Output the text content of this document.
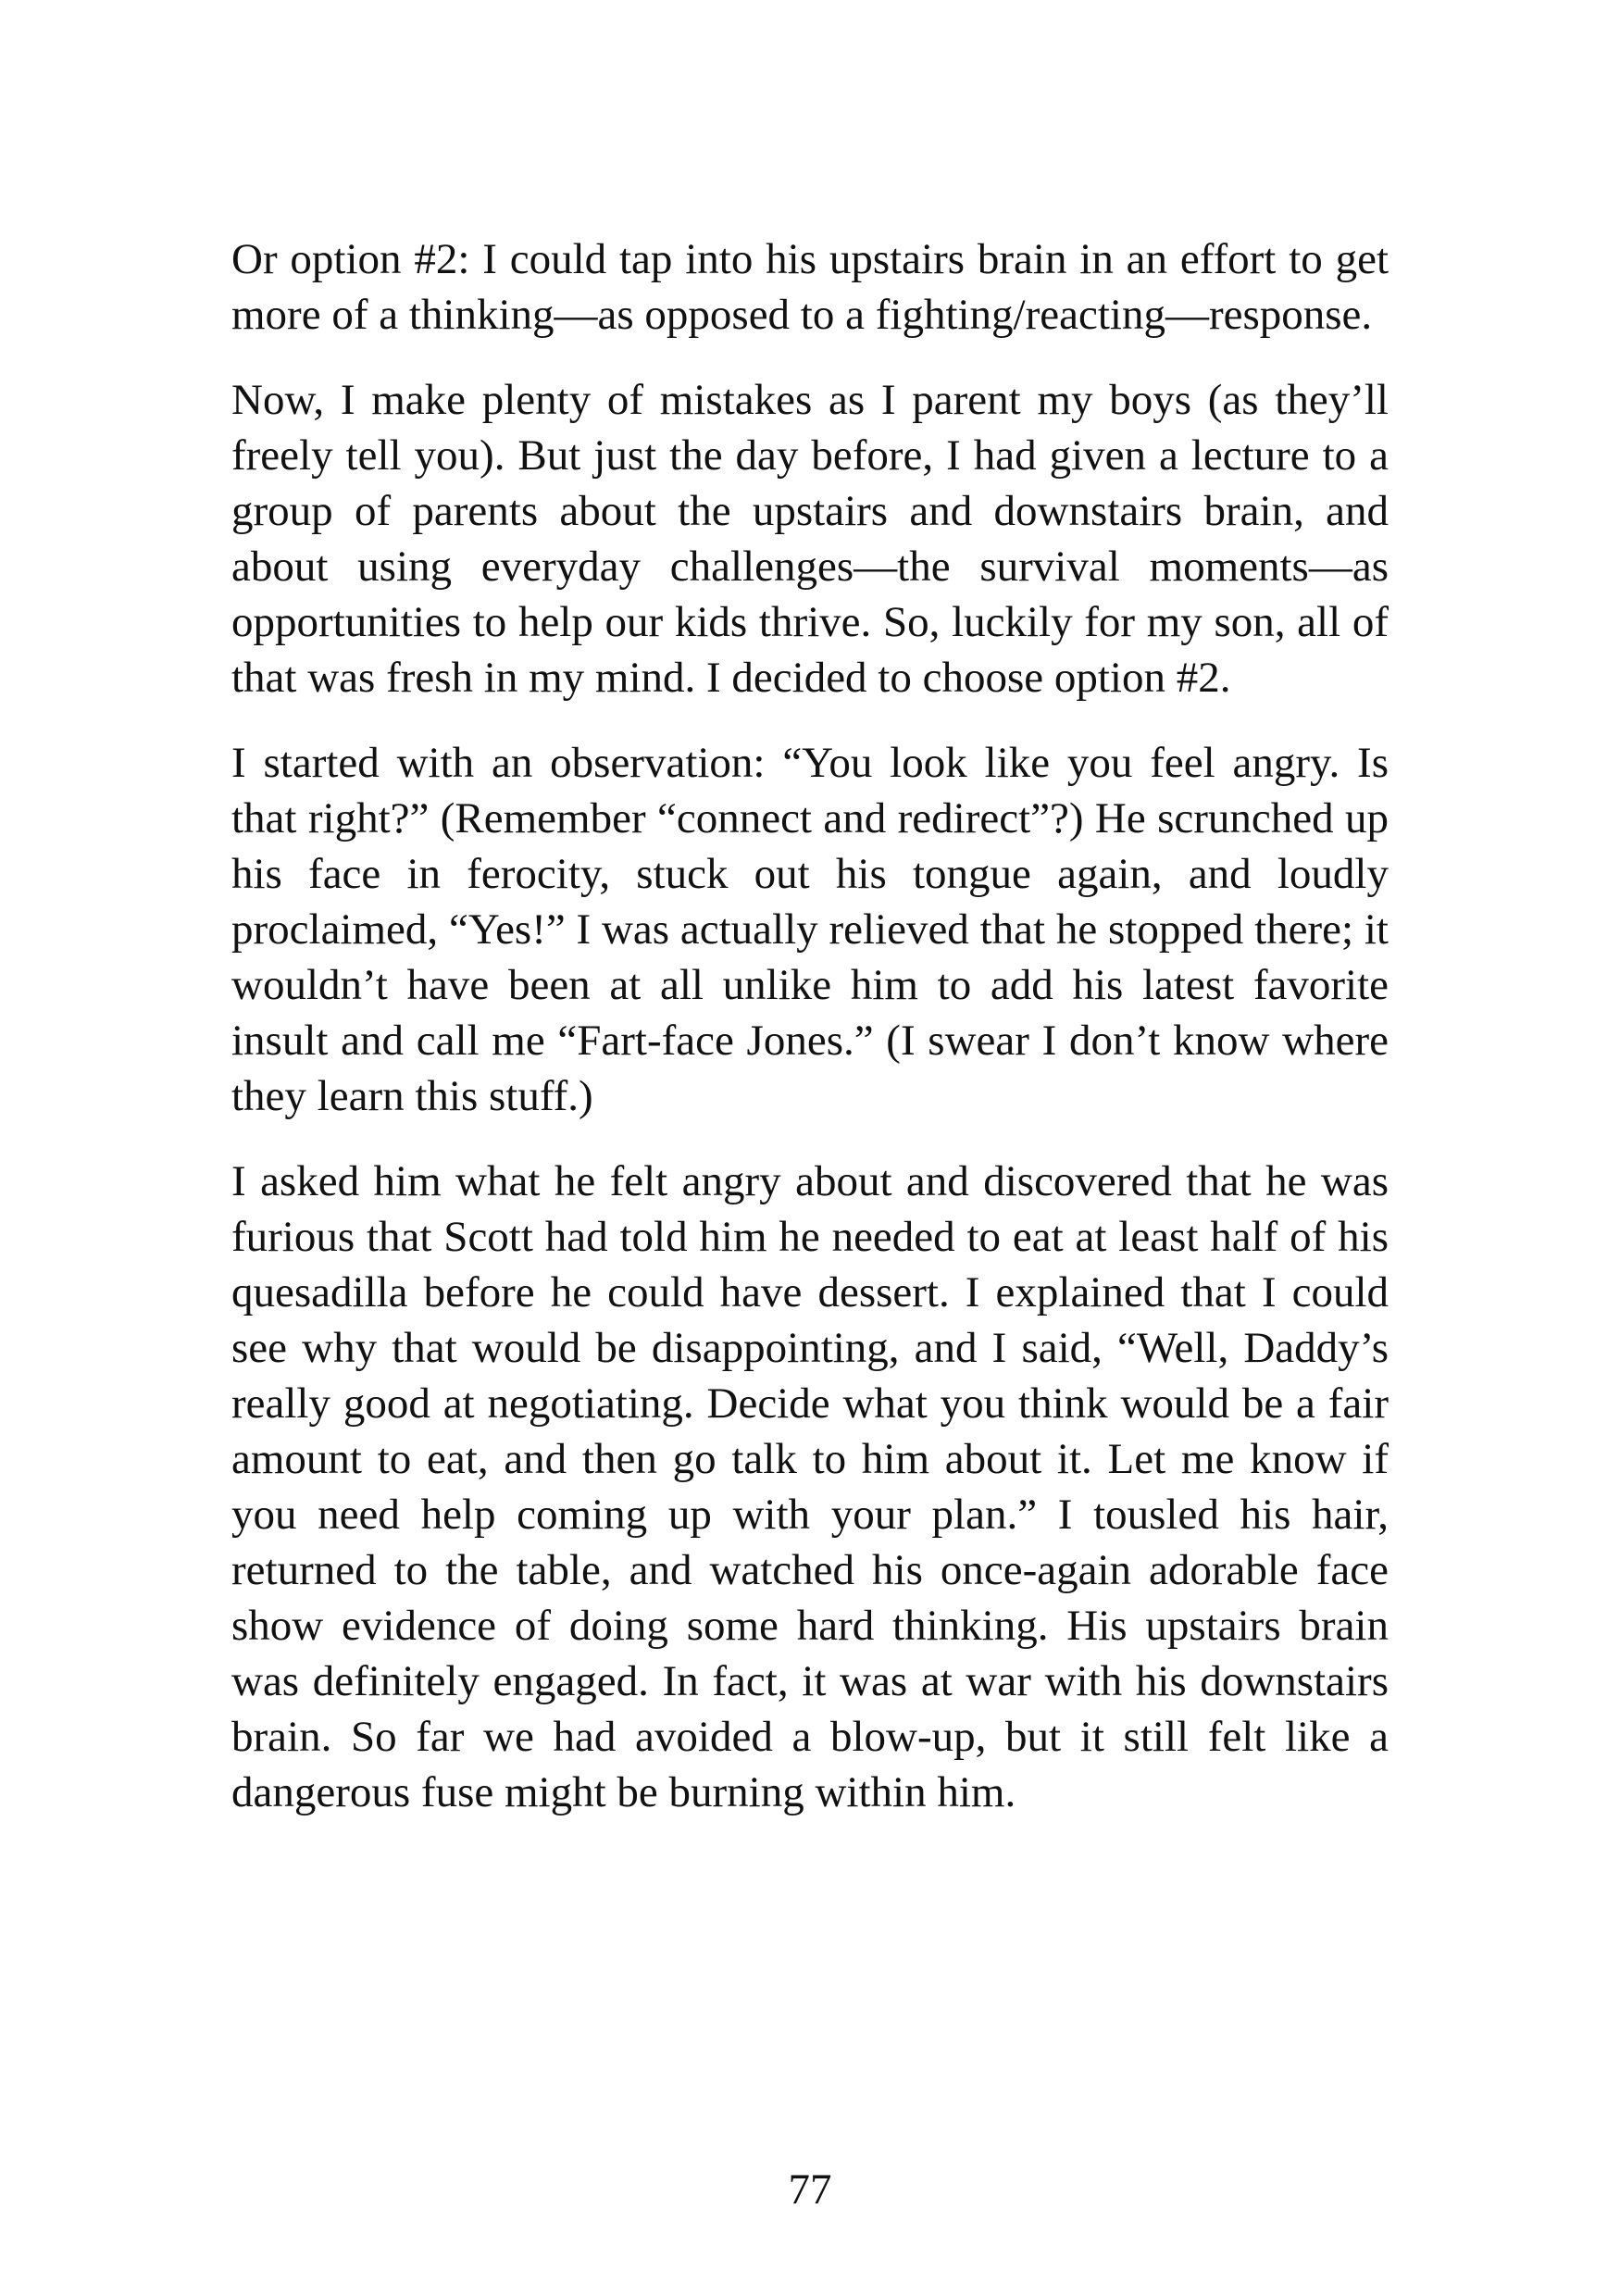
Or option #2: I could tap into his upstairs brain in an effort to get more of a thinking—as opposed to a fighting/reacting—response.

Now, I make plenty of mistakes as I parent my boys (as they’ll freely tell you). But just the day before, I had given a lecture to a group of parents about the upstairs and downstairs brain, and about using everyday challenges—the survival moments—as opportunities to help our kids thrive. So, luckily for my son, all of that was fresh in my mind. I decided to choose option #2.

I started with an observation: “You look like you feel angry. Is that right?” (Remember “connect and redirect”?) He scrunched up his face in ferocity, stuck out his tongue again, and loudly proclaimed, “Yes!” I was actually relieved that he stopped there; it wouldn’t have been at all unlike him to add his latest favorite insult and call me “Fart-face Jones.” (I swear I don’t know where they learn this stuff.)

I asked him what he felt angry about and discovered that he was furious that Scott had told him he needed to eat at least half of his quesadilla before he could have dessert. I explained that I could see why that would be disappointing, and I said, “Well, Daddy’s really good at negotiating. Decide what you think would be a fair amount to eat, and then go talk to him about it. Let me know if you need help coming up with your plan.” I tousled his hair, returned to the table, and watched his once-again adorable face show evidence of doing some hard thinking. His upstairs brain was definitely engaged. In fact, it was at war with his downstairs brain. So far we had avoided a blow-up, but it still felt like a dangerous fuse might be burning within him.

77
